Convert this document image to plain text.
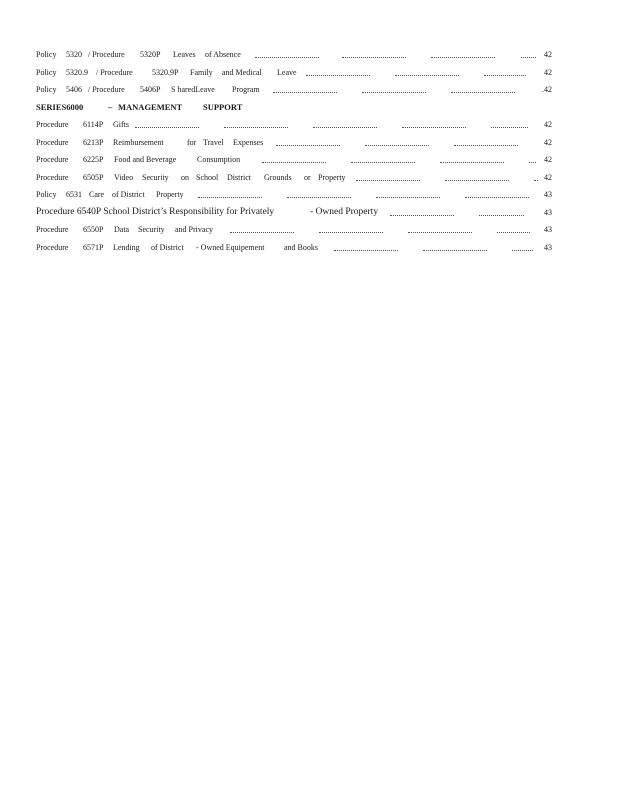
Policy 5320 / Procedure 5320P Leaves of Absence	42
Policy 5320.9 / Procedure 5320.9P Family and Medical Leave	42
Policy 5406 / Procedure 5406P S haredLeave Program	.42
SERIES6000	– MANAGEMENT SUPPORT
Procedure 6114P Gifts	42
Procedure 6213P Reimbursement	for Travel Expenses	42
Procedure 6225P Food and Beverage	Consumption	42
Procedure 6505P Video Security on School District Grounds or Property	42
Policy 6531 Care of District Property	43
Procedure 6540P School District’s Responsibility for Privately	- Owned Property	43
Procedure 6550P Data Security and Privacy	43
Procedure 6571P Lending of District - Owned Equipement and Books	43
